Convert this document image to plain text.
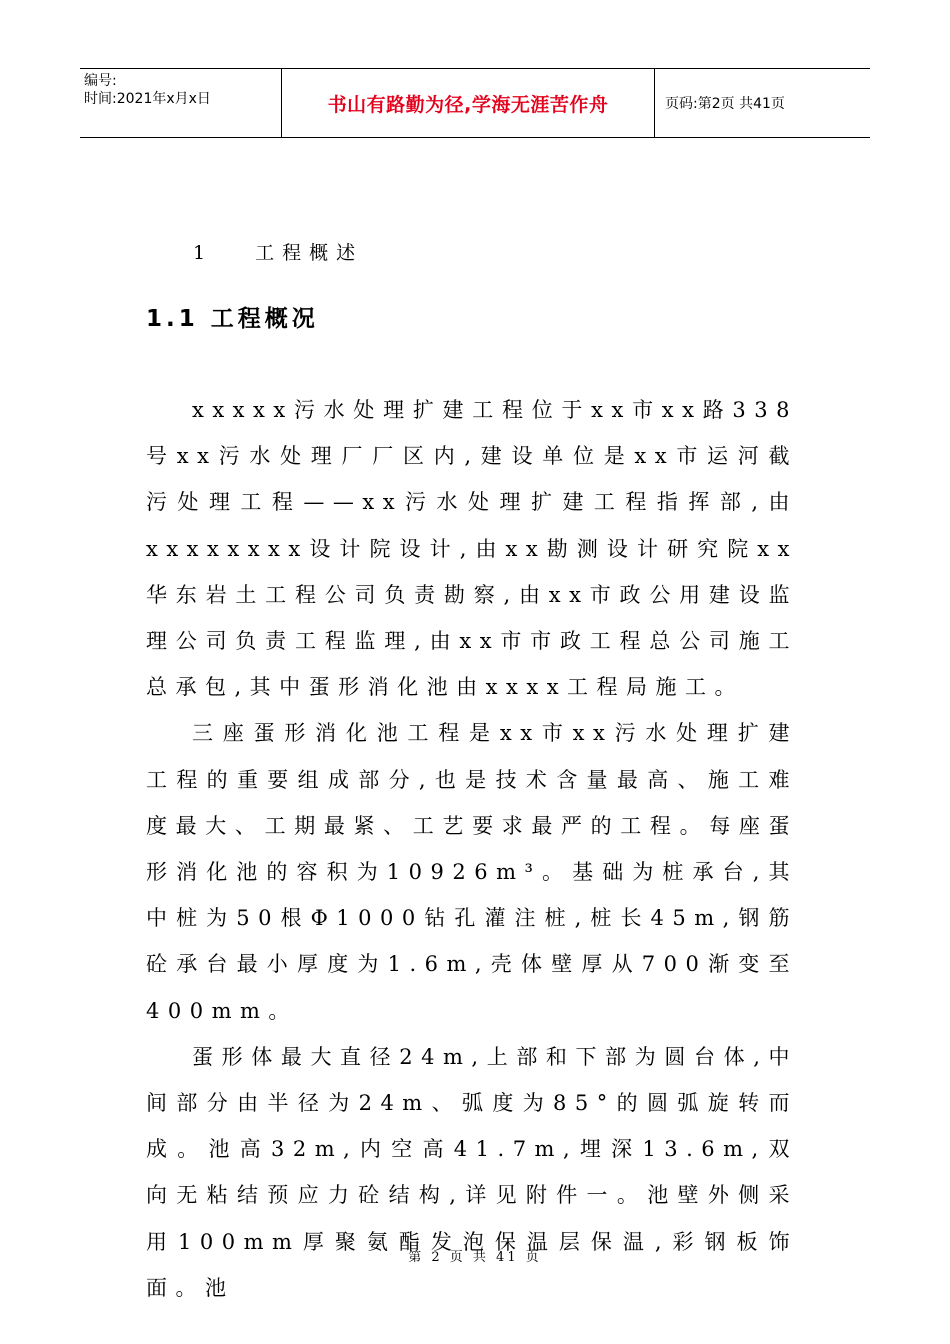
编号:
时间:2021年x月x日	书山有路勤为径,学海无涯苦作舟	页码:第2页 共41页
1 工程概述
1.1 工程概况

xxxxx污水处理扩建工程位于xx市xx路338号xx污水处理厂厂区内,建设单位是xx市运河截污处理工程——xx污水处理扩建工程指挥部,由xxxxxxxx设计院设计,由xx勘测设计研究院xx华东岩土工程公司负责勘察,由xx市政公用建设监理公司负责工程监理,由xx市市政工程总公司施工总承包,其中蛋形消化池由xxxx工程局施工。

三座蛋形消化池工程是xx市xx污水处理扩建工程的重要组成部分,也是技术含量最高、施工难度最大、工期最紧、工艺要求最严的工程。每座蛋形消化池的容积为10926m³。基础为桩承台,其中桩为50根Φ1000钻孔灌注桩,桩长45m,钢筋砼承台最小厚度为1.6m,壳体壁厚从700渐变至400mm。

蛋形体最大直径24m,上部和下部为圆台体,中间部分由半径为24m、弧度为85°的圆弧旋转而成。池高32m,内空高41.7m,埋深13.6m,双向无粘结预应力砼结构,详见附件一。池壁外侧采用100mm厚聚氨酯发泡保温层保温,彩钢板饰面。池

第 2 页 共 41 页
